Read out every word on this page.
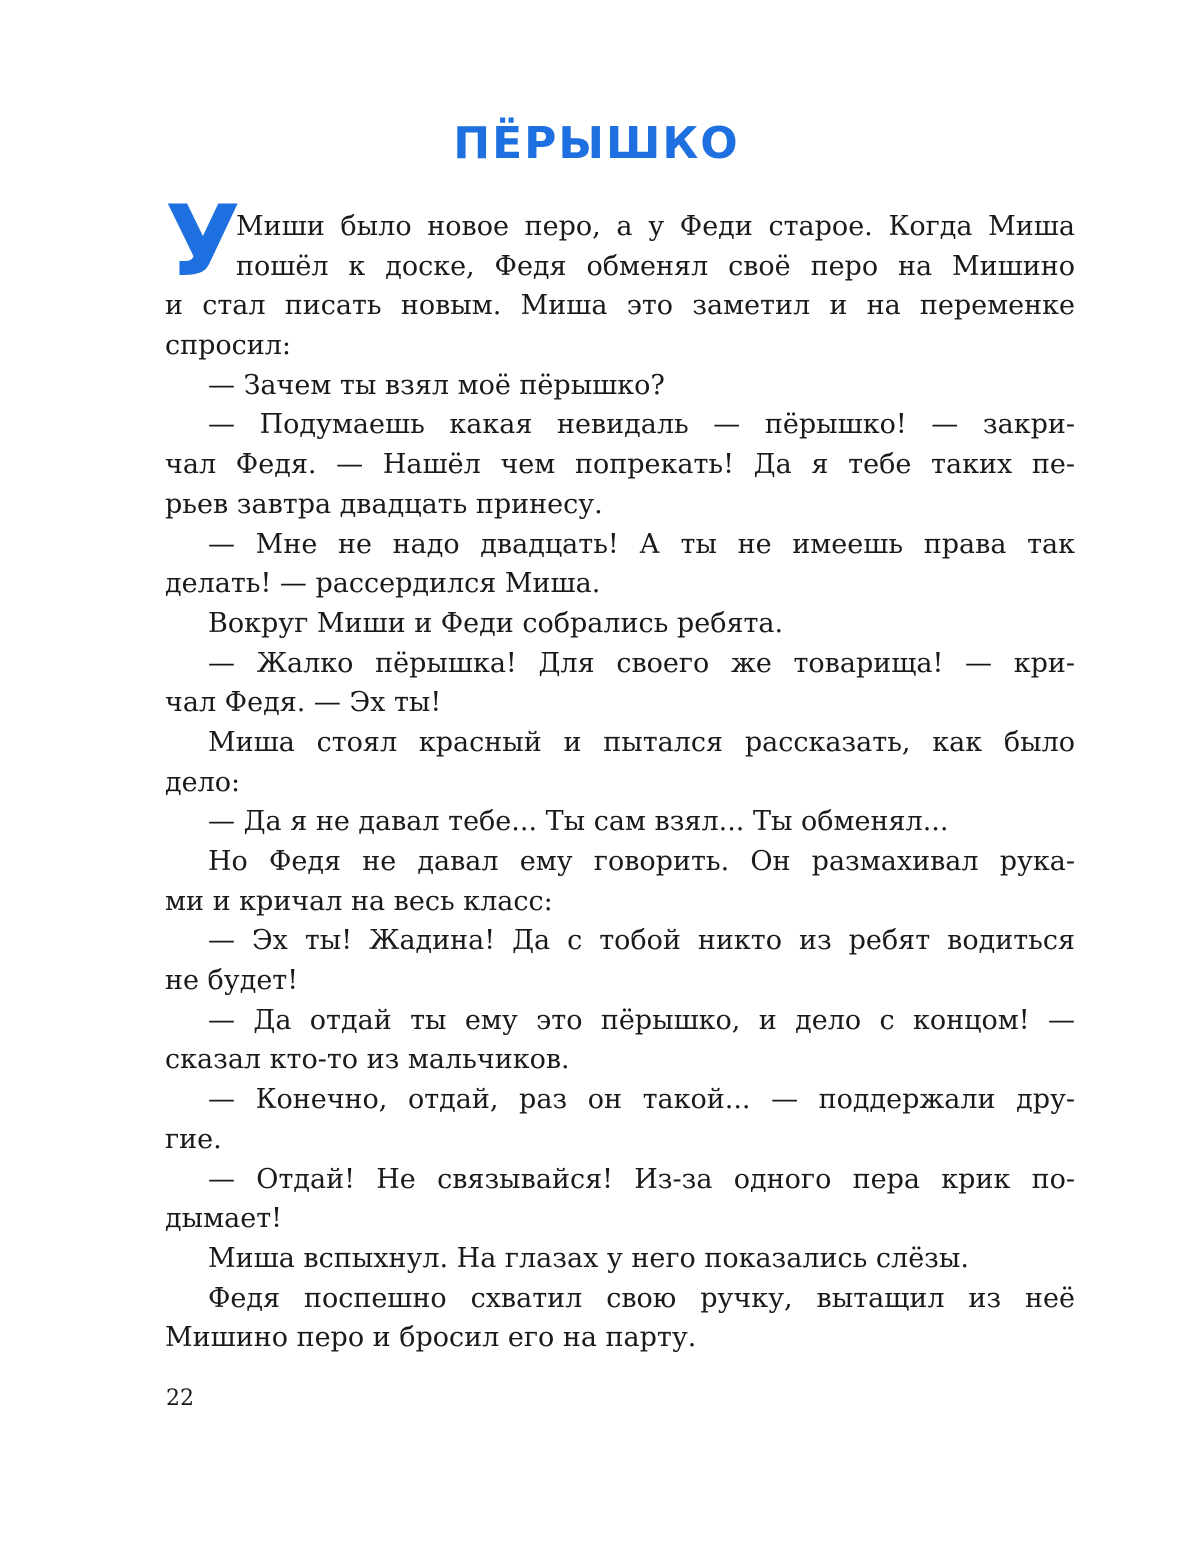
ПЁРЫШКО
У
Миши было новое перо, а у Феди старое. Когда Миша
пошёл к доске, Федя обменял своё перо на Мишино
и стал писать новым. Миша это заметил и на переменке
спросил:
— Зачем ты взял моё пёрышко?
— Подумаешь какая невидаль — пёрышко! — закри-
чал Федя. — Нашёл чем попрекать! Да я тебе таких пе-
рьев завтра двадцать принесу.
— Мне не надо двадцать! А ты не имеешь права так
делать! — рассердился Миша.
Вокруг Миши и Феди собрались ребята.
— Жалко пёрышка! Для своего же товарища! — кри-
чал Федя. — Эх ты!
Миша стоял красный и пытался рассказать, как было
дело:
— Да я не давал тебе... Ты сам взял... Ты обменял...
Но Федя не давал ему говорить. Он размахивал рука-
ми и кричал на весь класс:
— Эх ты! Жадина! Да с тобой никто из ребят водиться
не будет!
— Да отдай ты ему это пёрышко, и дело с концом! —
сказал кто-то из мальчиков.
— Конечно, отдай, раз он такой... — поддержали дру-
гие.
— Отдай! Не связывайся! Из-за одного пера крик по-
дымает!
Миша вспыхнул. На глазах у него показались слёзы.
Федя поспешно схватил свою ручку, вытащил из неё
Мишино перо и бросил его на парту.
22
